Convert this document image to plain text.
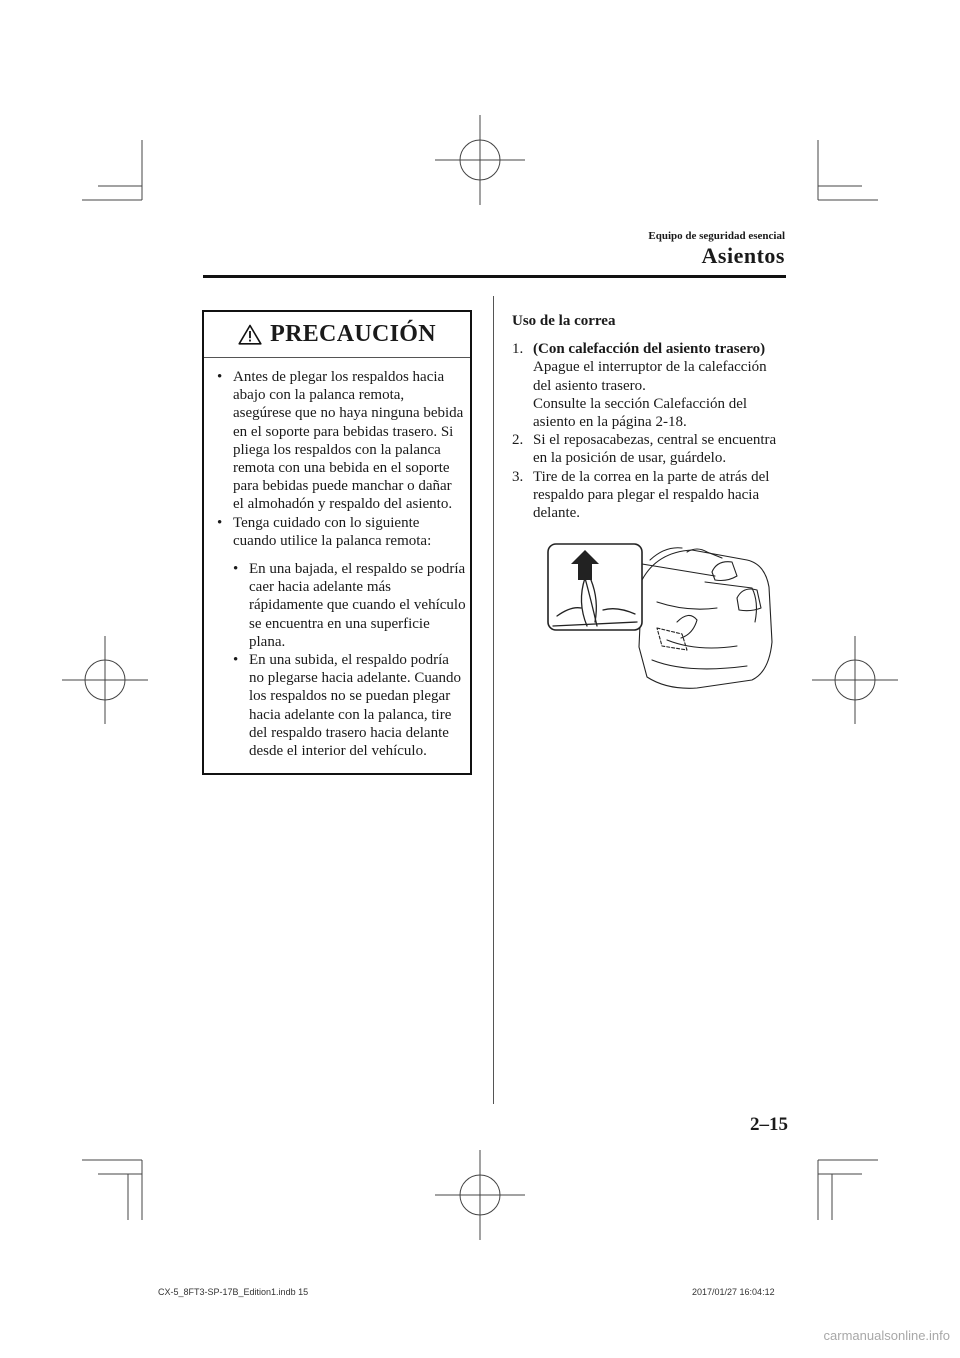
Equipo de seguridad esencial
Asientos
PRECAUCIÓN
• Antes de plegar los respaldos hacia abajo con la palanca remota, asegúrese que no haya ninguna bebida en el soporte para bebidas trasero. Si pliega los respaldos con la palanca remota con una bebida en el soporte para bebidas puede manchar o dañar el almohadón y respaldo del asiento.
• Tenga cuidado con lo siguiente cuando utilice la palanca remota:
• En una bajada, el respaldo se podría caer hacia adelante más rápidamente que cuando el vehículo se encuentra en una superficie plana.
• En una subida, el respaldo podría no plegarse hacia adelante. Cuando los respaldos no se puedan plegar hacia adelante con la palanca, tire del respaldo trasero hacia delante desde el interior del vehículo.
Uso de la correa
1. (Con calefacción del asiento trasero)
Apague el interruptor de la calefacción del asiento trasero.
Consulte la sección Calefacción del asiento en la página 2-18.
2. Si el reposacabezas, central se encuentra en la posición de usar, guárdelo.
3. Tire de la correa en la parte de atrás del respaldo para plegar el respaldo hacia delante.
2–15
CX-5_8FT3-SP-17B_Edition1.indb 15	2017/01/27 16:04:12
carmanualsonline.info
